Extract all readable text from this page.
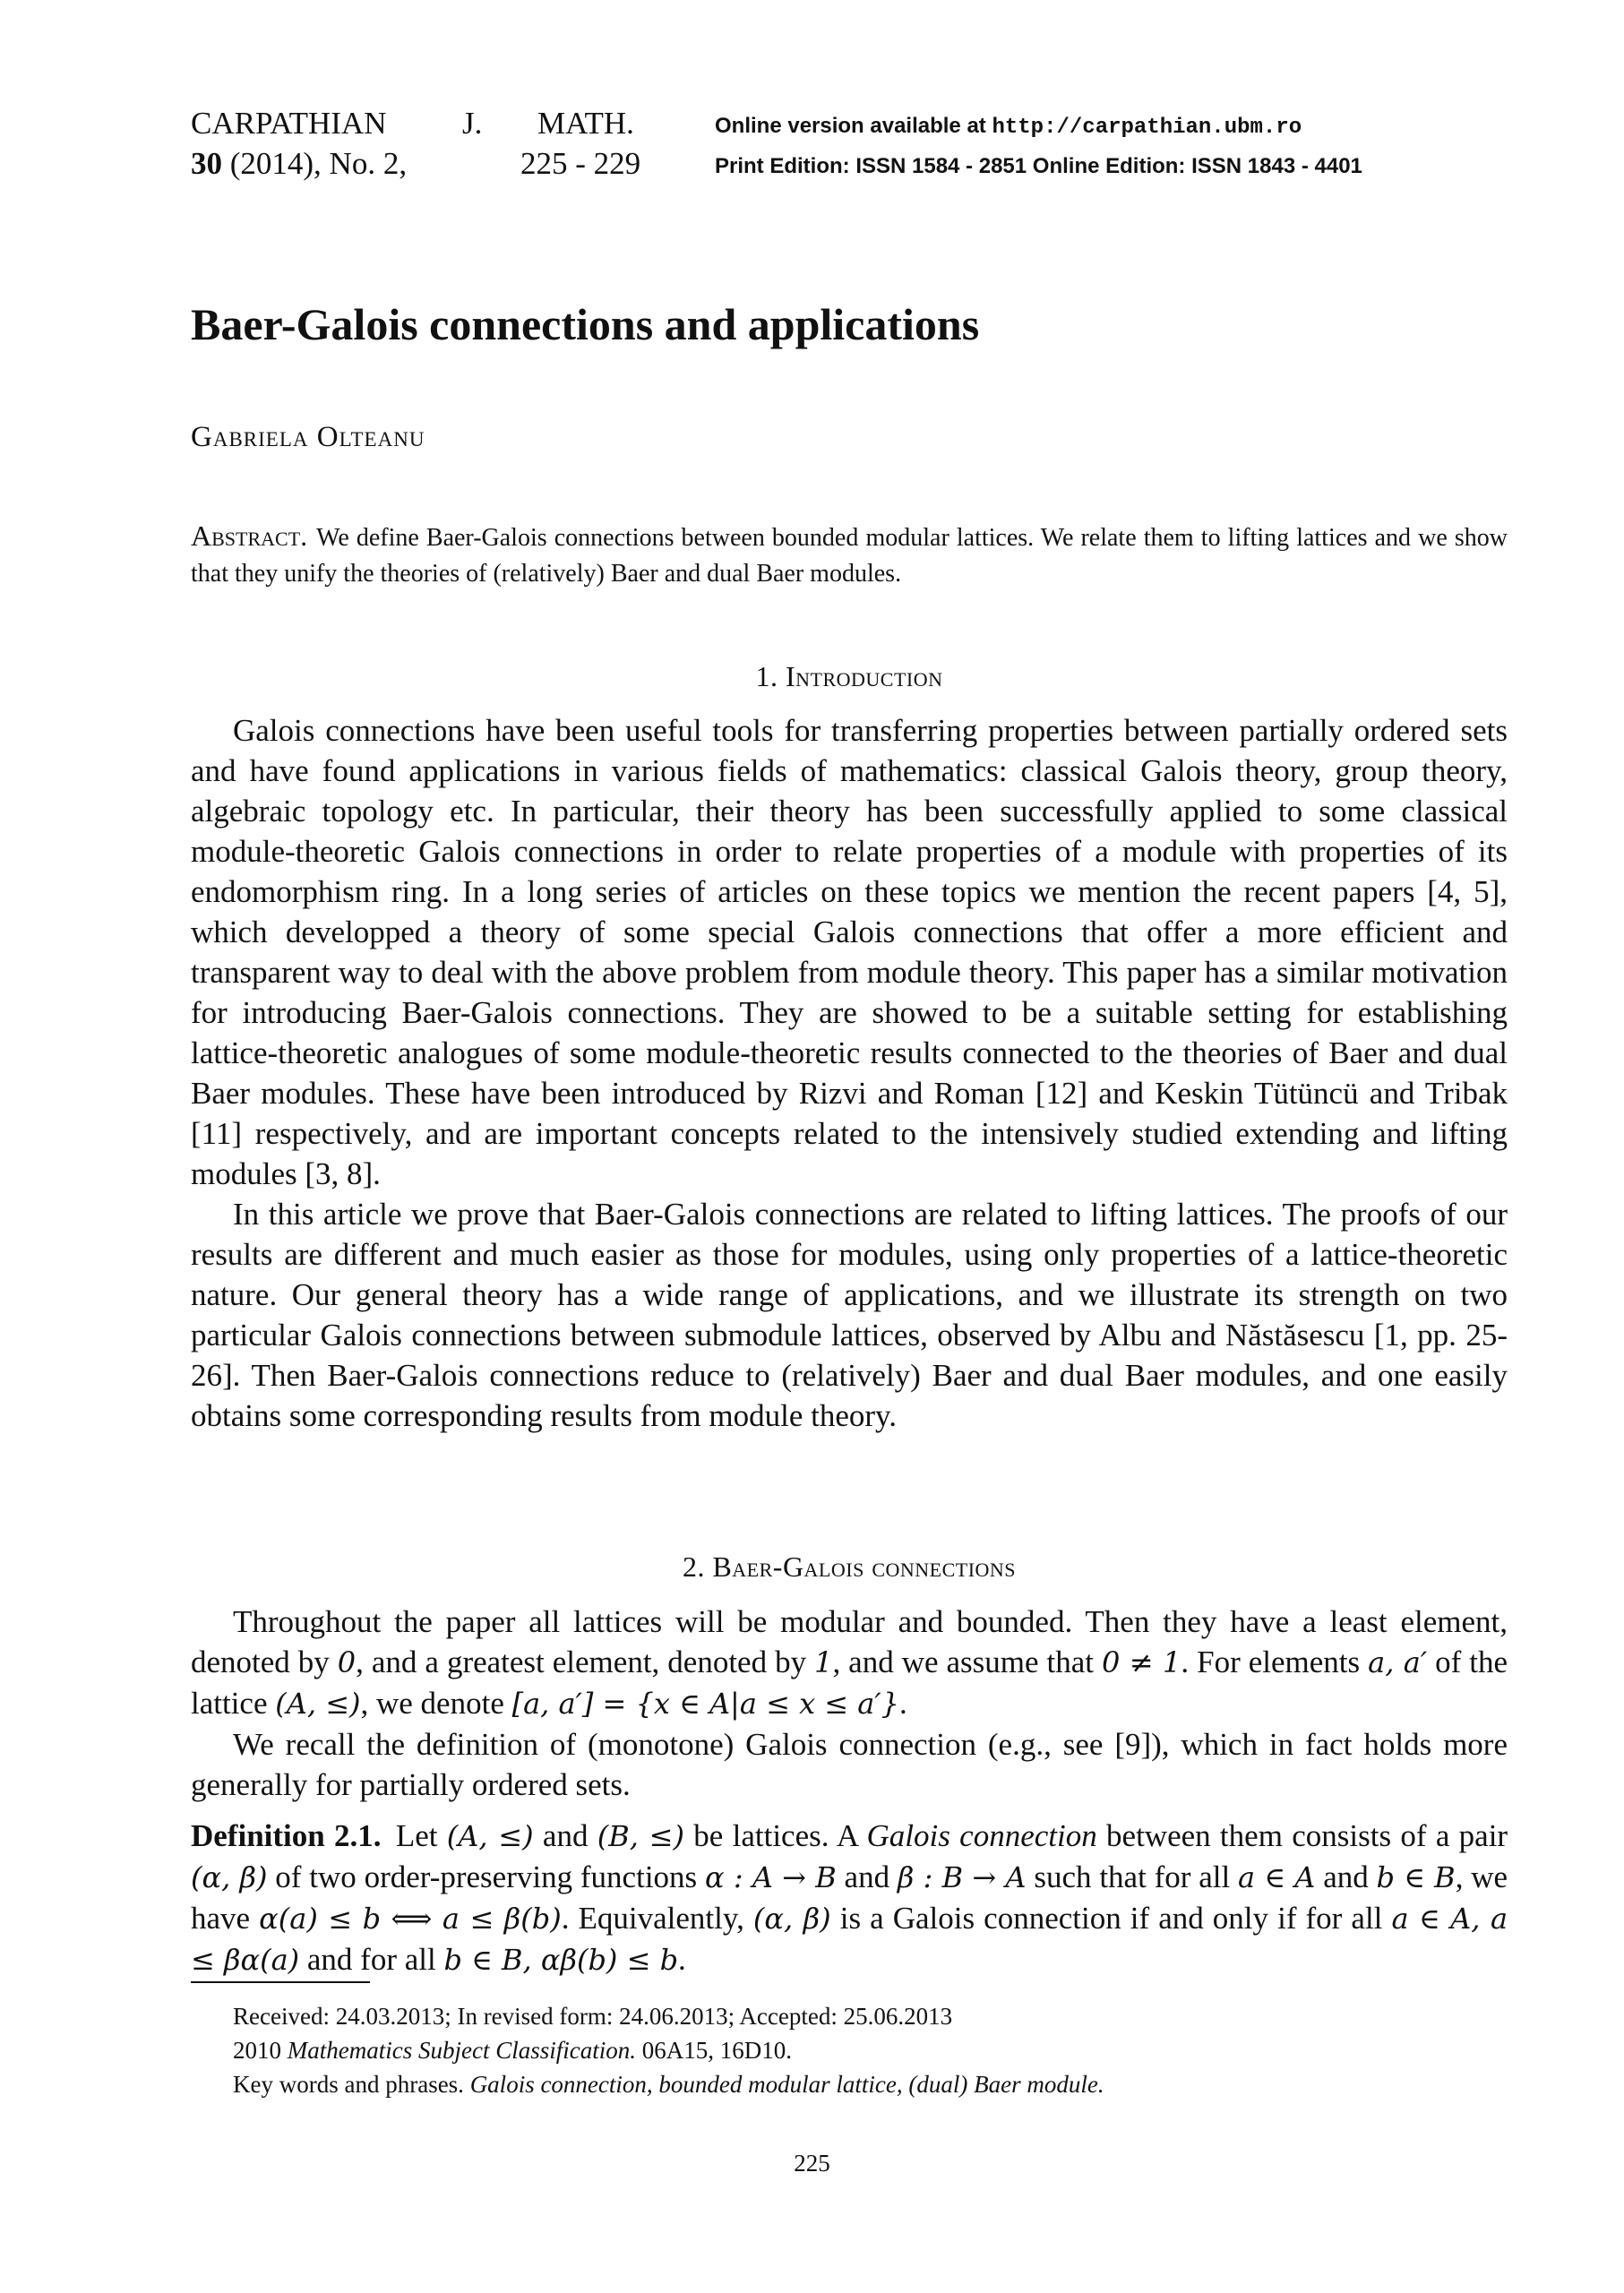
CARPATHIAN J. MATH.
30 (2014), No. 2,	225 - 229
Online version available at http://carpathian.ubm.ro
Print Edition: ISSN 1584 - 2851 Online Edition: ISSN 1843 - 4401
Baer-Galois connections and applications
Gabriela Olteanu
Abstract. We define Baer-Galois connections between bounded modular lattices. We relate them to lifting lattices and we show that they unify the theories of (relatively) Baer and dual Baer modules.
1. Introduction

Galois connections have been useful tools for transferring properties between partially ordered sets and have found applications in various fields of mathematics: classical Galois theory, group theory, algebraic topology etc. In particular, their theory has been successfully applied to some classical module-theoretic Galois connections in order to relate properties of a module with properties of its endomorphism ring. In a long series of articles on these topics we mention the recent papers [4, 5], which developped a theory of some special Galois connections that offer a more efficient and transparent way to deal with the above problem from module theory. This paper has a similar motivation for introducing Baer-Galois connections. They are showed to be a suitable setting for establishing lattice-theoretic analogues of some module-theoretic results connected to the theories of Baer and dual Baer modules. These have been introduced by Rizvi and Roman [12] and Keskin Tütüncü and Tribak [11] respectively, and are important concepts related to the intensively studied extending and lifting modules [3, 8].

In this article we prove that Baer-Galois connections are related to lifting lattices. The proofs of our results are different and much easier as those for modules, using only properties of a lattice-theoretic nature. Our general theory has a wide range of applications, and we illustrate its strength on two particular Galois connections between submodule lattices, observed by Albu and Năstăsescu [1, pp. 25-26]. Then Baer-Galois connections reduce to (relatively) Baer and dual Baer modules, and one easily obtains some corresponding results from module theory.

2. Baer-Galois connections

Throughout the paper all lattices will be modular and bounded. Then they have a least element, denoted by 0, and a greatest element, denoted by 1, and we assume that 0 ≠ 1. For elements a, a′ of the lattice (A, ≤), we denote [a, a′] = {x ∈ A|a ≤ x ≤ a′}.

We recall the definition of (monotone) Galois connection (e.g., see [9]), which in fact holds more generally for partially ordered sets.

Definition 2.1. Let (A, ≤) and (B, ≤) be lattices. A Galois connection between them consists of a pair (α, β) of two order-preserving functions α : A → B and β : B → A such that for all a ∈ A and b ∈ B, we have α(a) ≤ b ⟺ a ≤ β(b). Equivalently, (α, β) is a Galois connection if and only if for all a ∈ A, a ≤ βα(a) and for all b ∈ B, αβ(b) ≤ b.

Received: 24.03.2013; In revised form: 24.06.2013; Accepted: 25.06.2013
2010 Mathematics Subject Classification. 06A15, 16D10.
Key words and phrases. Galois connection, bounded modular lattice, (dual) Baer module.
225
